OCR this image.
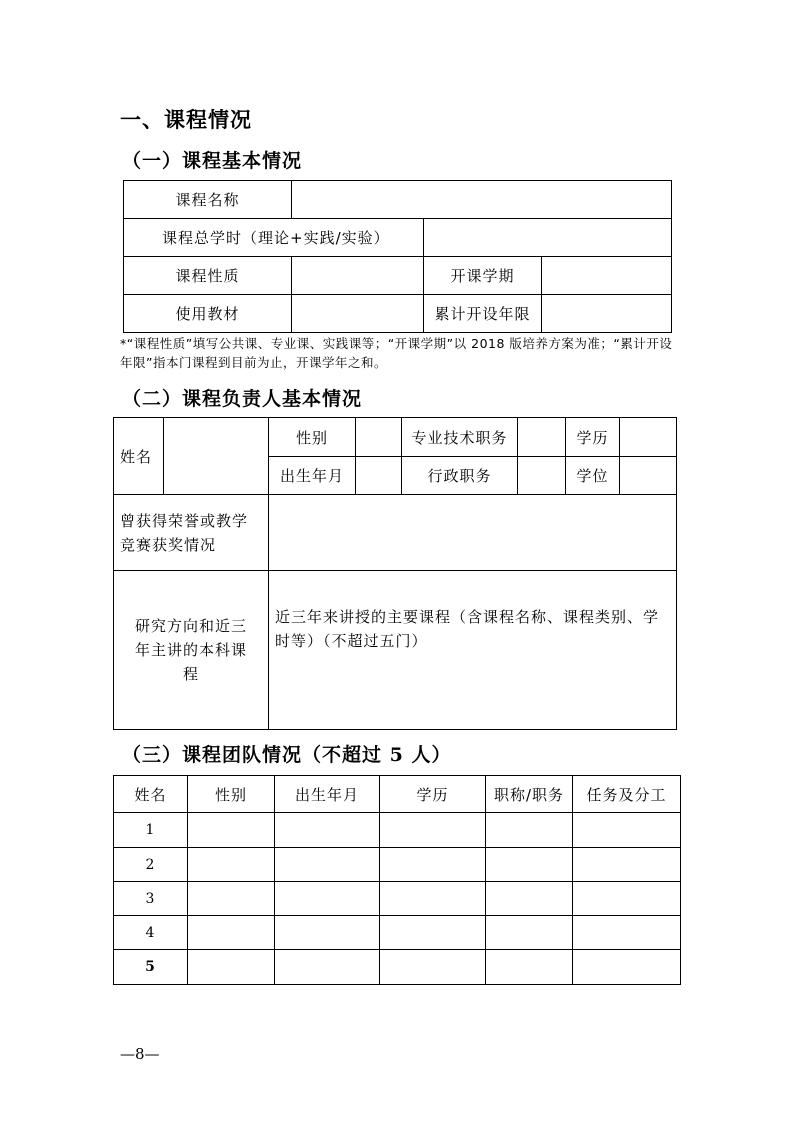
一、课程情况
（一）课程基本情况
课程名称			
课程总学时（理论+实践/实验）			
课程性质		开课学期	
使用教材		累计开设年限	
*“课程性质”填写公共课、专业课、实践课等；“开课学期”以 2018 版培养方案为准；“累计开设年限”指本门课程到目前为止，开课学年之和。
（二）课程负责人基本情况
姓名		性别		专业技术职务		学历	
		出生年月		行政职务		学位	
曾获得荣誉或教学竞赛获奖情况							
研究方向和近三年主讲的本科课程		近三年来讲授的主要课程（含课程名称、课程类别、学时等）（不超过五门）					
（三）课程团队情况（不超过 5 人）
姓名	性别	出生年月	学历	职称/职务	任务及分工
1					
2					
3					
4					
5					
—8—
